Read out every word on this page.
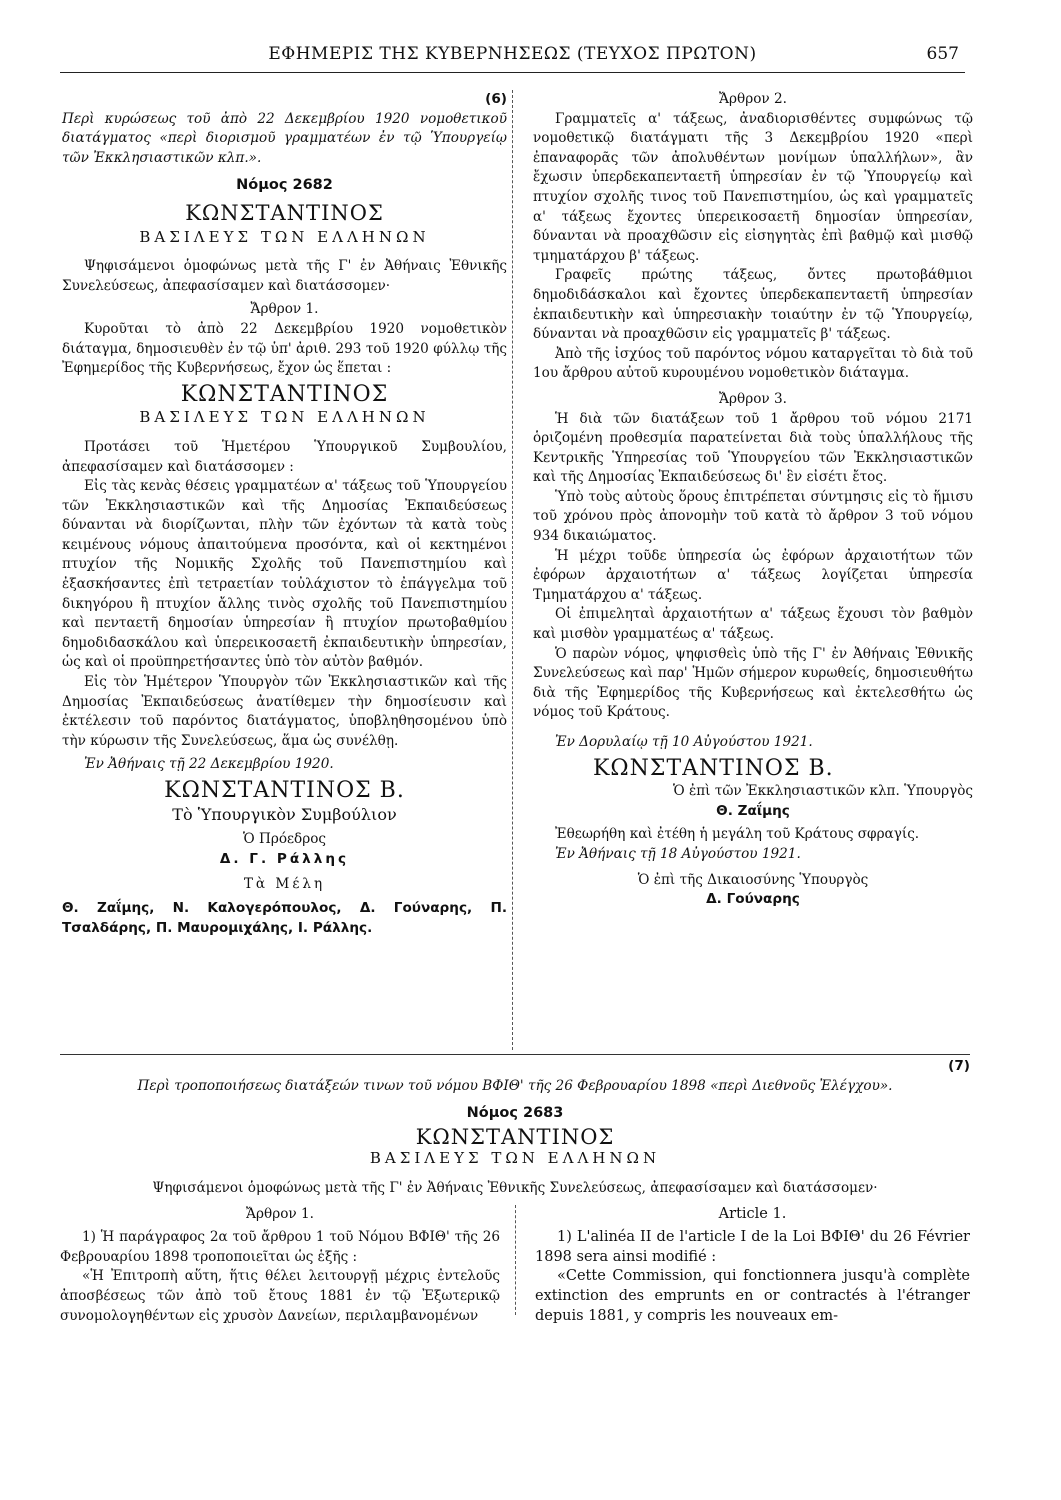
ΕΦΗΜΕΡΙΣ ΤΗΣ ΚΥΒΕΡΝΗΣΕΩΣ (ΤΕΥΧΟΣ ΠΡΩΤΟΝ)	657

(6)

Περὶ κυρώσεως τοῦ ἀπὸ 22 Δεκεμβρίου 1920 νομοθετικοῦ διατάγματος «περὶ διορισμοῦ γραμματέων ἐν τῷ Ὑπουργείῳ τῶν Ἐκκλησιαστικῶν κλπ.».

Νόμος 2682

ΚΩΝΣΤΑΝΤΙΝΟΣ

ΒΑΣΙΛΕΥΣ ΤΩΝ ΕΛΛΗΝΩΝ

Ψηφισάμενοι ὁμοφώνως μετὰ τῆς Γ' ἐν Ἀθήναις Ἐθνικῆς Συνελεύσεως, ἀπεφασίσαμεν καὶ διατάσσομεν·

Ἄρθρον 1.

Κυροῦται τὸ ἀπὸ 22 Δεκεμβρίου 1920 νομοθετικὸν διάταγμα, δημοσιευθὲν ἐν τῷ ὑπ' ἀριθ. 293 τοῦ 1920 φύλλῳ τῆς Ἐφημερίδος τῆς Κυβερνήσεως, ἔχον ὡς ἕπεται :

ΚΩΝΣΤΑΝΤΙΝΟΣ

ΒΑΣΙΛΕΥΣ ΤΩΝ ΕΛΛΗΝΩΝ

Προτάσει τοῦ Ἡμετέρου Ὑπουργικοῦ Συμβουλίου, ἀπεφασίσαμεν καὶ διατάσσομεν :

Εἰς τὰς κενὰς θέσεις γραμματέων α' τάξεως τοῦ Ὑπουργείου τῶν Ἐκκλησιαστικῶν καὶ τῆς Δημοσίας Ἐκπαιδεύσεως δύνανται νὰ διορίζωνται, πλὴν τῶν ἐχόντων τὰ κατὰ τοὺς κειμένους νόμους ἀπαιτούμενα προσόντα, καὶ οἱ κεκτημένοι πτυχίον τῆς Νομικῆς Σχολῆς τοῦ Πανεπιστημίου καὶ ἐξασκήσαντες ἐπὶ τετραετίαν τοὐλάχιστον τὸ ἐπάγγελμα τοῦ δικηγόρου ἢ πτυχίον ἄλλης τινὸς σχολῆς τοῦ Πανεπιστημίου καὶ πενταετῆ δημοσίαν ὑπηρεσίαν ἢ πτυχίον πρωτοβαθμίου δημοδιδασκάλου καὶ ὑπερεικοσαετῆ ἐκπαιδευτικὴν ὑπηρεσίαν, ὡς καὶ οἱ προϋπηρετήσαντες ὑπὸ τὸν αὐτὸν βαθμόν.

Εἰς τὸν Ἡμέτερον Ὑπουργὸν τῶν Ἐκκλησιαστικῶν καὶ τῆς Δημοσίας Ἐκπαιδεύσεως ἀνατίθεμεν τὴν δημοσίευσιν καὶ ἐκτέλεσιν τοῦ παρόντος διατάγματος, ὑποβληθησομένου ὑπὸ τὴν κύρωσιν τῆς Συνελεύσεως, ἅμα ὡς συνέλθῃ.

Ἐν Ἀθήναις τῇ 22 Δεκεμβρίου 1920.

ΚΩΝΣΤΑΝΤΙΝΟΣ Β.

Τὸ Ὑπουργικὸν Συμβούλιον

Ὁ Πρόεδρος

Δ. Γ. Ράλλης

Τὰ Μέλη

Θ. Ζαΐμης, Ν. Καλογερόπουλος, Δ. Γούναρης, Π. Τσαλδάρης, Π. Μαυρομιχάλης, Ι. Ράλλης.

Ἄρθρον 2.

Γραμματεῖς α' τάξεως, ἀναδιορισθέντες συμφώνως τῷ νομοθετικῷ διατάγματι τῆς 3 Δεκεμβρίου 1920 «περὶ ἐπαναφορᾶς τῶν ἀπολυθέντων μονίμων ὑπαλλήλων», ἂν ἔχωσιν ὑπερδεκαπενταετῆ ὑπηρεσίαν ἐν τῷ Ὑπουργείῳ καὶ πτυχίον σχολῆς τινος τοῦ Πανεπιστημίου, ὡς καὶ γραμματεῖς α' τάξεως ἔχοντες ὑπερεικοσαετῆ δημοσίαν ὑπηρεσίαν, δύνανται νὰ προαχθῶσιν εἰς εἰσηγητὰς ἐπὶ βαθμῷ καὶ μισθῷ τμηματάρχου β' τάξεως.

Γραφεῖς πρώτης τάξεως, ὄντες πρωτοβάθμιοι δημοδιδάσκαλοι καὶ ἔχοντες ὑπερδεκαπενταετῆ ὑπηρεσίαν ἐκπαιδευτικὴν καὶ ὑπηρεσιακὴν τοιαύτην ἐν τῷ Ὑπουργείῳ, δύνανται νὰ προαχθῶσιν εἰς γραμματεῖς β' τάξεως.

Ἀπὸ τῆς ἰσχύος τοῦ παρόντος νόμου καταργεῖται τὸ διὰ τοῦ 1ου ἄρθρου αὐτοῦ κυρουμένου νομοθετικὸν διάταγμα.

Ἄρθρον 3.

Ἡ διὰ τῶν διατάξεων τοῦ 1 ἄρθρου τοῦ νόμου 2171 ὁριζομένη προθεσμία παρατείνεται διὰ τοὺς ὑπαλλήλους τῆς Κεντρικῆς Ὑπηρεσίας τοῦ Ὑπουργείου τῶν Ἐκκλησιαστικῶν καὶ τῆς Δημοσίας Ἐκπαιδεύσεως δι' ἓν εἰσέτι ἔτος.

Ὑπὸ τοὺς αὐτοὺς ὅρους ἐπιτρέπεται σύντμησις εἰς τὸ ἥμισυ τοῦ χρόνου πρὸς ἀπονομὴν τοῦ κατὰ τὸ ἄρθρον 3 τοῦ νόμου 934 δικαιώματος.

Ἡ μέχρι τοῦδε ὑπηρεσία ὡς ἐφόρων ἀρχαιοτήτων τῶν ἐφόρων ἀρχαιοτήτων α' τάξεως λογίζεται ὑπηρεσία Τμηματάρχου α' τάξεως.

Οἱ ἐπιμεληταὶ ἀρχαιοτήτων α' τάξεως ἔχουσι τὸν βαθμὸν καὶ μισθὸν γραμματέως α' τάξεως.

Ὁ παρὼν νόμος, ψηφισθεὶς ὑπὸ τῆς Γ' ἐν Ἀθήναις Ἐθνικῆς Συνελεύσεως καὶ παρ' Ἡμῶν σήμερον κυρωθείς, δημοσιευθήτω διὰ τῆς Ἐφημερίδος τῆς Κυβερνήσεως καὶ ἐκτελεσθήτω ὡς νόμος τοῦ Κράτους.

Ἐν Δορυλαίῳ τῇ 10 Αὐγούστου 1921.

ΚΩΝΣΤΑΝΤΙΝΟΣ Β.

Ὁ ἐπὶ τῶν Ἐκκλησιαστικῶν κλπ. Ὑπουργὸς

Θ. Ζαΐμης

Ἐθεωρήθη καὶ ἐτέθη ἡ μεγάλη τοῦ Κράτους σφραγίς.

Ἐν Ἀθήναις τῇ 18 Αὐγούστου 1921.

Ὁ ἐπὶ τῆς Δικαιοσύνης Ὑπουργὸς

Δ. Γούναρης

(7)

Περὶ τροποποιήσεως διατάξεών τινων τοῦ νόμου ΒΦΙΘ' τῆς 26 Φεβρουαρίου 1898 «περὶ Διεθνοῦς Ἐλέγχου».

Νόμος 2683

ΚΩΝΣΤΑΝΤΙΝΟΣ

ΒΑΣΙΛΕΥΣ ΤΩΝ ΕΛΛΗΝΩΝ

Ψηφισάμενοι ὁμοφώνως μετὰ τῆς Γ' ἐν Ἀθήναις Ἐθνικῆς Συνελεύσεως, ἀπεφασίσαμεν καὶ διατάσσομεν·

Ἄρθρον 1.

1) Ἡ παράγραφος 2α τοῦ ἄρθρου 1 τοῦ Νόμου ΒΦΙΘ' τῆς 26 Φεβρουαρίου 1898 τροποποιεῖται ὡς ἑξῆς :

«Ἡ Ἐπιτροπὴ αὕτη, ἥτις θέλει λειτουργῇ μέχρις ἐντελοῦς ἀποσβέσεως τῶν ἀπὸ τοῦ ἔτους 1881 ἐν τῷ Ἐξωτερικῷ συνομολογηθέντων εἰς χρυσὸν Δανείων, περιλαμβανομένων

Article 1.

1) L'alinéa II de l'article I de la Loi ΒΦΙΘ' du 26 Février 1898 sera ainsi modifié :

«Cette Commission, qui fonctionnera jusqu'à complète extinction des emprunts en or contractés à l'étranger depuis 1881, y compris les nouveaux em-
